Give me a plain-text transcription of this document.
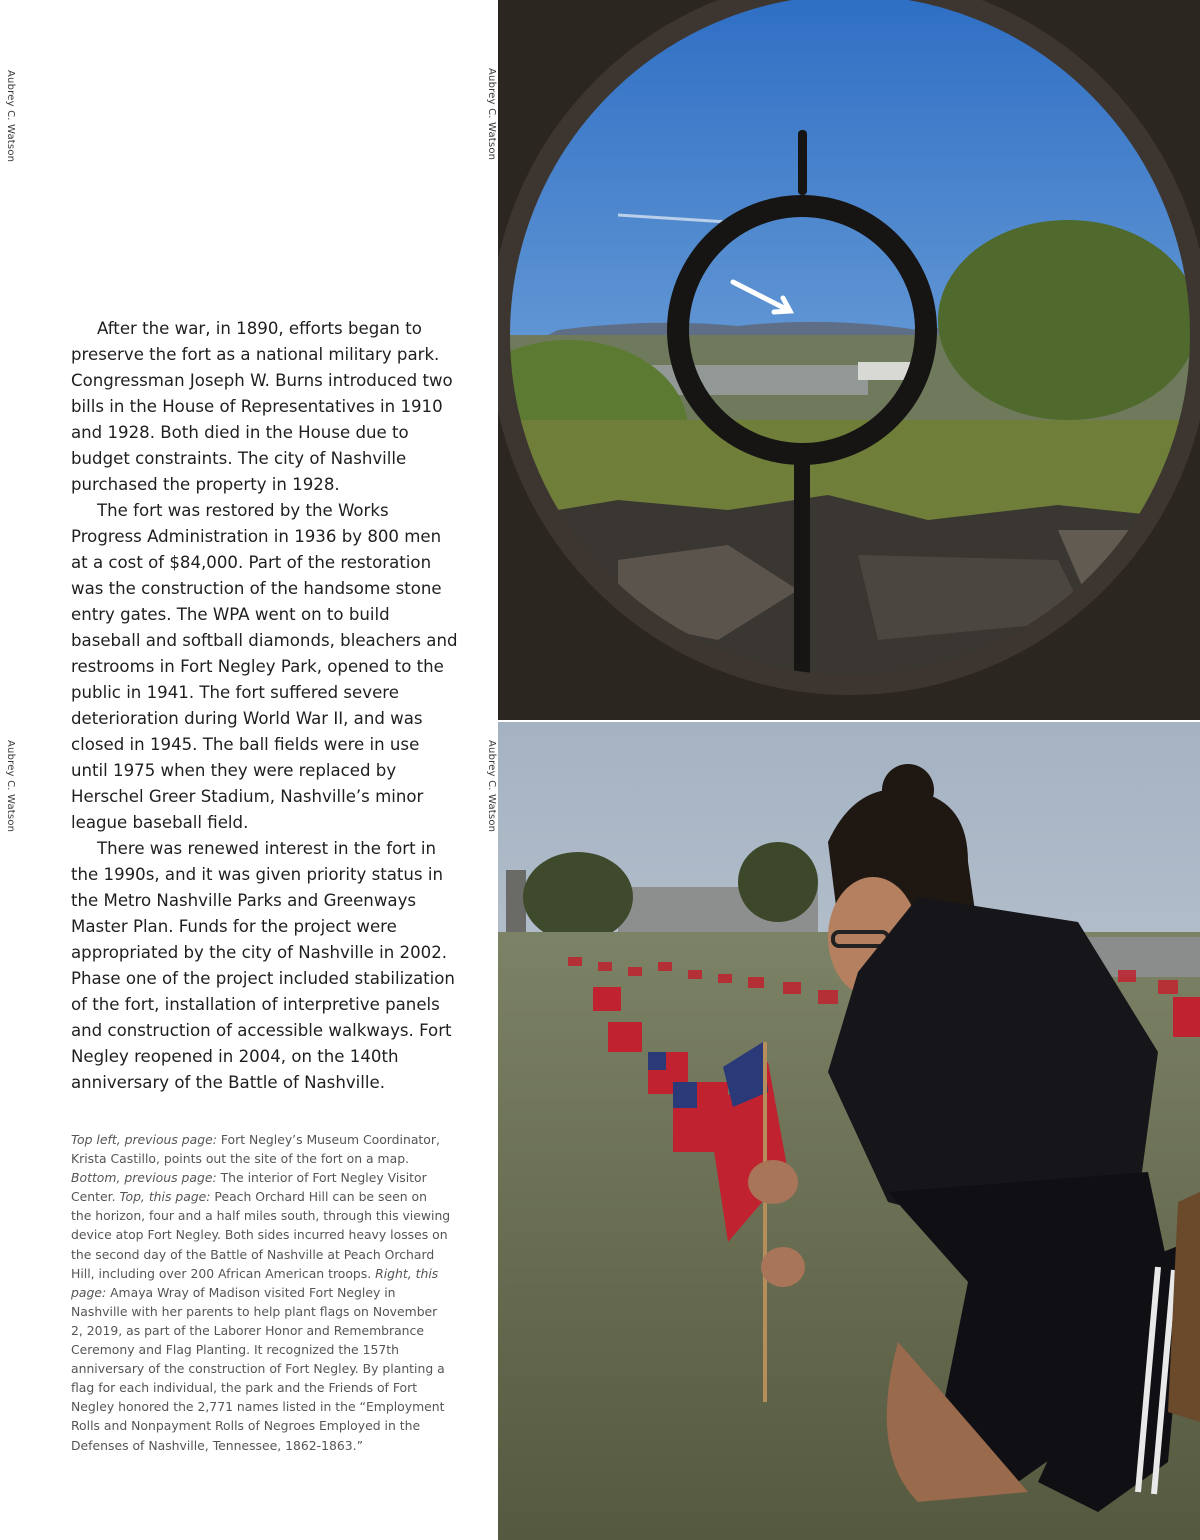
Aubrey C. Watson
Aubrey C. Watson

After the war, in 1890, efforts began to preserve the fort as a national military park. Congressman Joseph W. Burns introduced two bills in the House of Representatives in 1910 and 1928. Both died in the House due to budget constraints. The city of Nashville purchased the property in 1928.

The fort was restored by the Works Progress Administration in 1936 by 800 men at a cost of $84,000. Part of the restoration was the construction of the handsome stone entry gates. The WPA went on to build baseball and softball diamonds, bleachers and restrooms in Fort Negley Park, opened to the public in 1941. The fort suffered severe deterioration during World War II, and was closed in 1945. The ball fields were in use until 1975 when they were replaced by Herschel Greer Stadium, Nashville’s minor league baseball field.

There was renewed interest in the fort in the 1990s, and it was given priority status in the Metro Nashville Parks and Greenways Master Plan. Funds for the project were appropriated by the city of Nashville in 2002. Phase one of the project included stabilization of the fort, installation of interpretive panels and construction of accessible walkways. Fort Negley reopened in 2004, on the 140th anniversary of the Battle of Nashville.

Top left, previous page: Fort Negley’s Museum Coordinator, Krista Castillo, points out the site of the fort on a map. Bottom, previous page: The interior of Fort Negley Visitor Center. Top, this page: Peach Orchard Hill can be seen on the horizon, four and a half miles south, through this viewing device atop Fort Negley. Both sides incurred heavy losses on the second day of the Battle of Nashville at Peach Orchard Hill, including over 200 African American troops. Right, this page: Amaya Wray of Madison visited Fort Negley in Nashville with her parents to help plant flags on November 2, 2019, as part of the Laborer Honor and Remembrance Ceremony and Flag Planting. It recognized the 157th anniversary of the construction of Fort Negley. By planting a flag for each individual, the park and the Friends of Fort Negley honored the 2,771 names listed in the “Employment Rolls and Nonpayment Rolls of Negroes Employed in the Defenses of Nashville, Tennessee, 1862-1863.”
Aubrey C. Watson
Aubrey C. Watson
